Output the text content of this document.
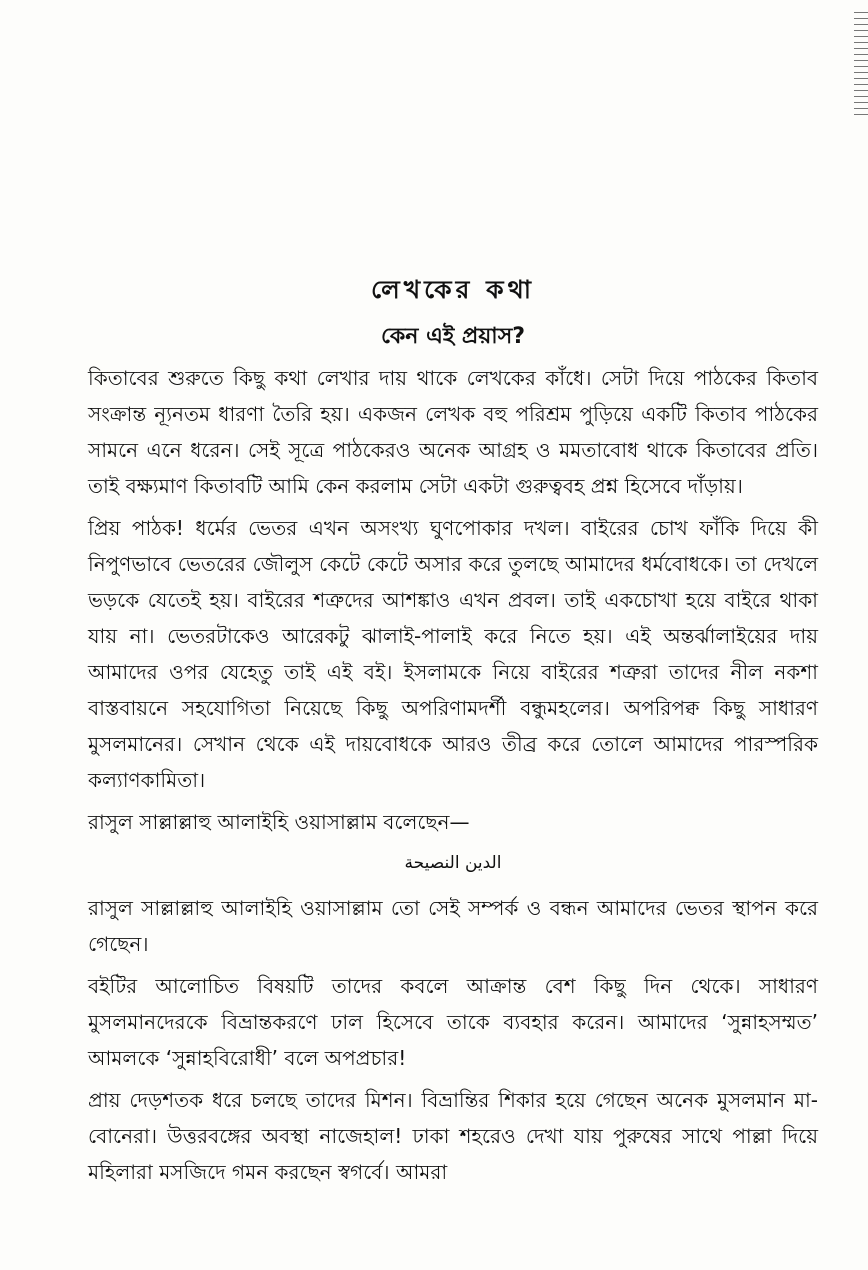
লেখকের কথা
কেন এই প্রয়াস?

কিতাবের শুরুতে কিছু কথা লেখার দায় থাকে লেখকের কাঁধে। সেটা দিয়ে পাঠকের কিতাব সংক্রান্ত ন্যূনতম ধারণা তৈরি হয়। একজন লেখক বহু পরিশ্রম পুড়িয়ে একটি কিতাব পাঠকের সামনে এনে ধরেন। সেই সূত্রে পাঠকেরও অনেক আগ্রহ ও মমতাবোধ থাকে কিতাবের প্রতি। তাই বক্ষ্যমাণ কিতাবটি আমি কেন করলাম সেটা একটা গুরুত্ববহ প্রশ্ন হিসেবে দাঁড়ায়।

প্রিয় পাঠক! ধর্মের ভেতর এখন অসংখ্য ঘুণপোকার দখল। বাইরের চোখ ফাঁকি দিয়ে কী নিপুণভাবে ভেতরের জৌলুস কেটে কেটে অসার করে তুলছে আমাদের ধর্মবোধকে। তা দেখলে ভড়কে যেতেই হয়। বাইরের শত্রুদের আশঙ্কাও এখন প্রবল। তাই একচোখা হয়ে বাইরে থাকা যায় না। ভেতরটাকেও আরেকটু ঝালাই-পালাই করে নিতে হয়। এই অন্তর্ঝালাইয়ের দায় আমাদের ওপর যেহেতু তাই এই বই। ইসলামকে নিয়ে বাইরের শত্রুরা তাদের নীল নকশা বাস্তবায়নে সহযোগিতা নিয়েছে কিছু অপরিণামদর্শী বন্ধুমহলের। অপরিপক্ব কিছু সাধারণ মুসলমানের। সেখান থেকে এই দায়বোধকে আরও তীব্র করে তোলে আমাদের পারস্পরিক কল্যাণকামিতা।

রাসুল সাল্লাল্লাহু আলাইহি ওয়াসাল্লাম বলেছেন—

الدين النصيحة

রাসুল সাল্লাল্লাহু আলাইহি ওয়াসাল্লাম তো সেই সম্পর্ক ও বন্ধন আমাদের ভেতর স্থাপন করে গেছেন।

বইটির আলোচিত বিষয়টি তাদের কবলে আক্রান্ত বেশ কিছু দিন থেকে। সাধারণ মুসলমানদেরকে বিভ্রান্তকরণে ঢাল হিসেবে তাকে ব্যবহার করেন। আমাদের ‘সুন্নাহসম্মত’ আমলকে ‘সুন্নাহবিরোধী’ বলে অপপ্রচার!

প্রায় দেড়শতক ধরে চলছে তাদের মিশন। বিভ্রান্তির শিকার হয়ে গেছেন অনেক মুসলমান মা-বোনেরা। উত্তরবঙ্গের অবস্থা নাজেহাল! ঢাকা শহরেও দেখা যায় পুরুষের সাথে পাল্লা দিয়ে মহিলারা মসজিদে গমন করছেন স্বগর্বে। আমরা
